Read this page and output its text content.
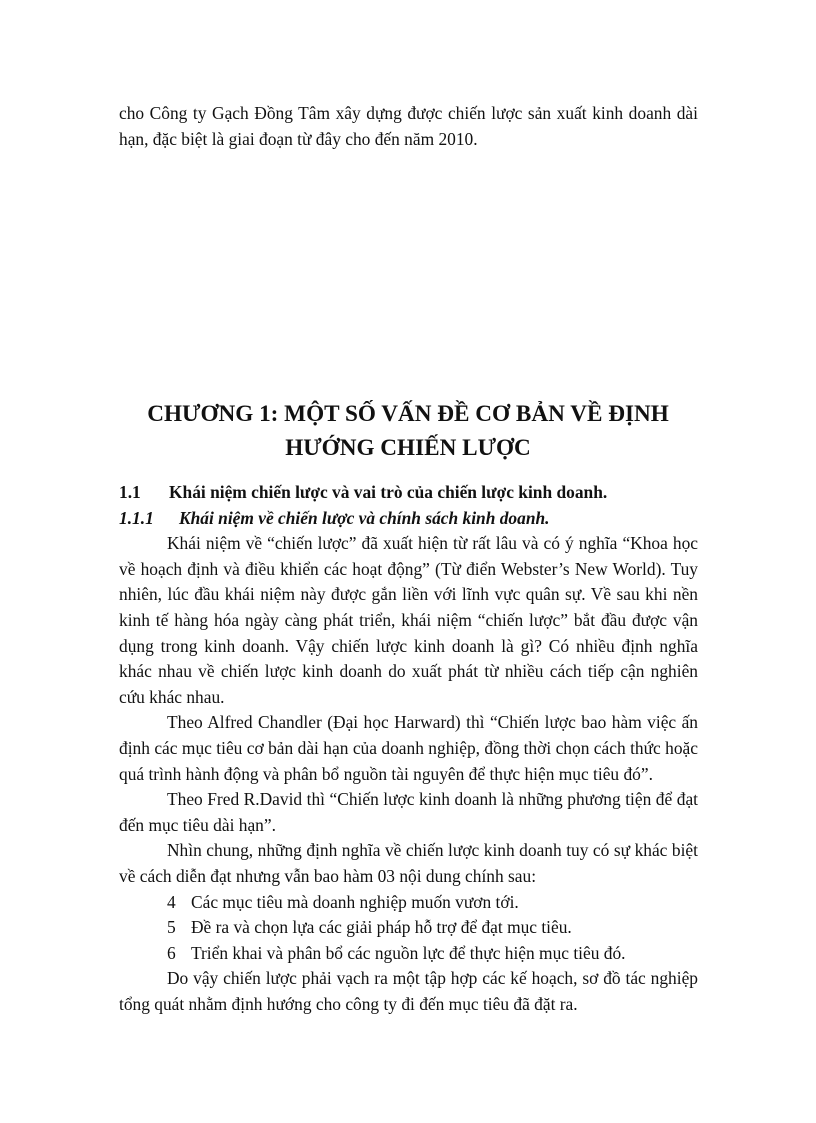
cho Công ty Gạch Đồng Tâm xây dựng được chiến lược sản xuất kinh doanh dài hạn, đặc biệt là giai đoạn từ đây cho đến năm 2010.

CHƯƠNG 1: MỘT SỐ VẤN ĐỀ CƠ BẢN VỀ ĐỊNH
HƯỚNG CHIẾN LƯỢC
1.1 Khái niệm chiến lược và vai trò của chiến lược kinh doanh.
1.1.1 Khái niệm về chiến lược và chính sách kinh doanh.

Khái niệm về “chiến lược” đã xuất hiện từ rất lâu và có ý nghĩa “Khoa học về hoạch định và điều khiển các hoạt động” (Từ điển Webster’s New World). Tuy nhiên, lúc đầu khái niệm này được gắn liền với lĩnh vực quân sự. Về sau khi nền kinh tế hàng hóa ngày càng phát triển, khái niệm “chiến lược” bắt đầu được vận dụng trong kinh doanh. Vậy chiến lược kinh doanh là gì? Có nhiều định nghĩa khác nhau về chiến lược kinh doanh do xuất phát từ nhiều cách tiếp cận nghiên cứu khác nhau.

Theo Alfred Chandler (Đại học Harward) thì “Chiến lược bao hàm việc ấn định các mục tiêu cơ bản dài hạn của doanh nghiệp, đồng thời chọn cách thức hoặc quá trình hành động và phân bổ nguồn tài nguyên để thực hiện mục tiêu đó”.

Theo Fred R.David thì “Chiến lược kinh doanh là những phương tiện để đạt đến mục tiêu dài hạn”.

Nhìn chung, những định nghĩa về chiến lược kinh doanh tuy có sự khác biệt về cách diễn đạt nhưng vẫn bao hàm 03 nội dung chính sau:

4 Các mục tiêu mà doanh nghiệp muốn vươn tới.
5 Đề ra và chọn lựa các giải pháp hỗ trợ để đạt mục tiêu.
6 Triển khai và phân bổ các nguồn lực để thực hiện mục tiêu đó.

Do vậy chiến lược phải vạch ra một tập hợp các kế hoạch, sơ đồ tác nghiệp tổng quát nhằm định hướng cho công ty đi đến mục tiêu đã đặt ra.
